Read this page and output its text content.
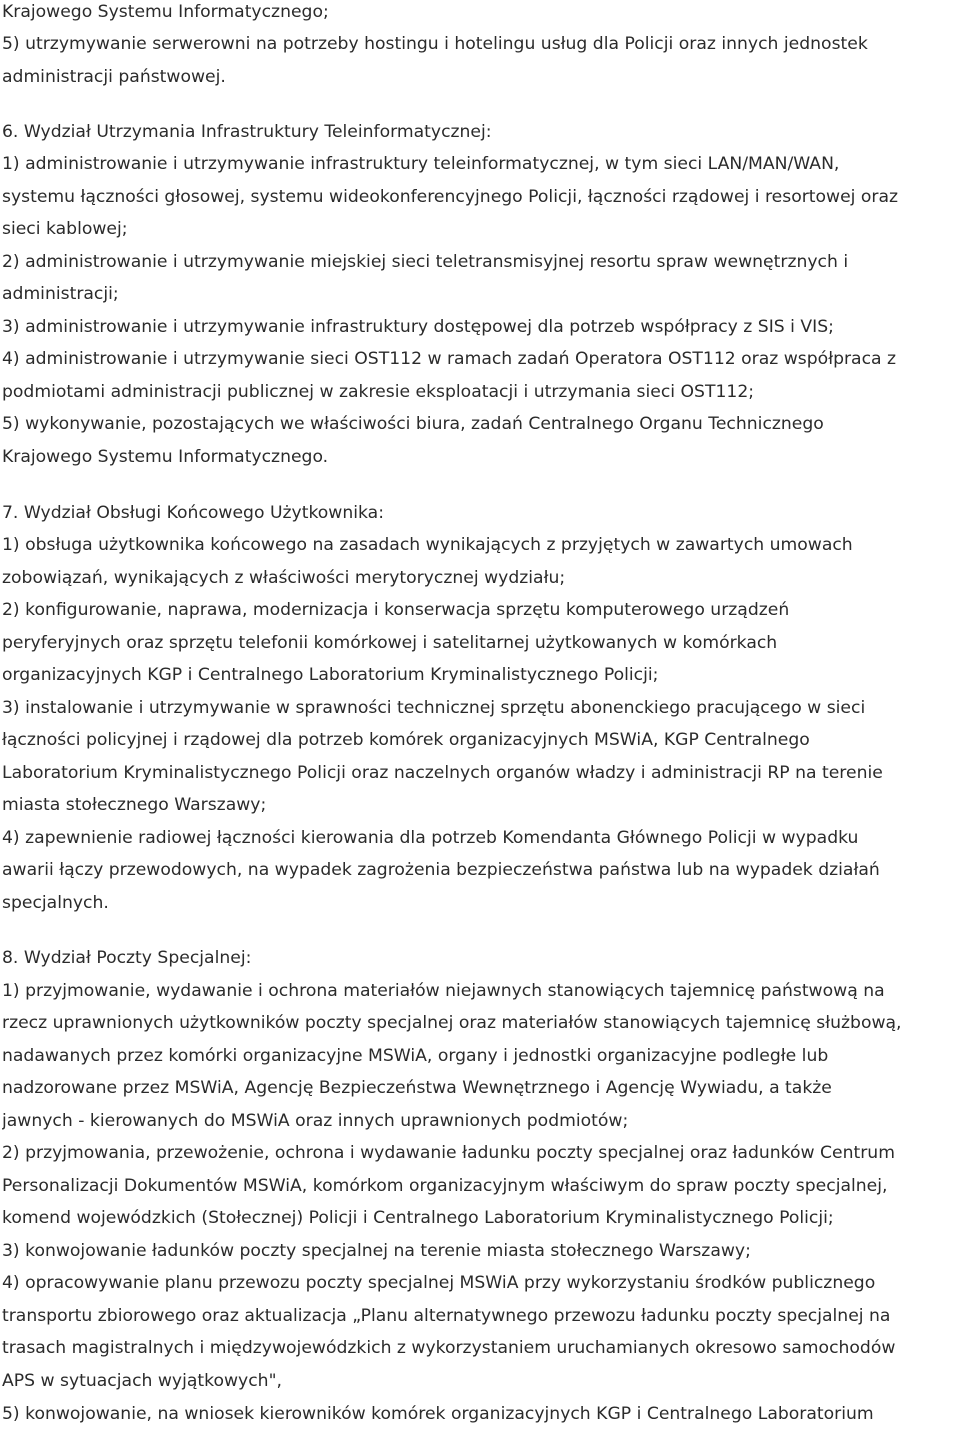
Krajowego Systemu Informatycznego;
5) utrzymywanie serwerowni na potrzeby hostingu i hotelingu usług dla Policji oraz innych jednostek
administracji państwowej.
6. Wydział Utrzymania Infrastruktury Teleinformatycznej:
1) administrowanie i utrzymywanie infrastruktury teleinformatycznej, w tym sieci LAN/MAN/WAN,
systemu łączności głosowej, systemu wideokonferencyjnego Policji, łączności rządowej i resortowej oraz
sieci kablowej;
2) administrowanie i utrzymywanie miejskiej sieci teletransmisyjnej resortu spraw wewnętrznych i
administracji;
3) administrowanie i utrzymywanie infrastruktury dostępowej dla potrzeb współpracy z SIS i VIS;
4) administrowanie i utrzymywanie sieci OST112 w ramach zadań Operatora OST112 oraz współpraca z
podmiotami administracji publicznej w zakresie eksploatacji i utrzymania sieci OST112;
5) wykonywanie, pozostających we właściwości biura, zadań Centralnego Organu Technicznego
Krajowego Systemu Informatycznego.
7. Wydział Obsługi Końcowego Użytkownika:
1) obsługa użytkownika końcowego na zasadach wynikających z przyjętych w zawartych umowach
zobowiązań, wynikających z właściwości merytorycznej wydziału;
2) konfigurowanie, naprawa, modernizacja i konserwacja sprzętu komputerowego urządzeń
peryferyjnych oraz sprzętu telefonii komórkowej i satelitarnej użytkowanych w komórkach
organizacyjnych KGP i Centralnego Laboratorium Kryminalistycznego Policji;
3) instalowanie i utrzymywanie w sprawności technicznej sprzętu abonenckiego pracującego w sieci
łączności policyjnej i rządowej dla potrzeb komórek organizacyjnych MSWiA, KGP Centralnego
Laboratorium Kryminalistycznego Policji oraz naczelnych organów władzy i administracji RP na terenie
miasta stołecznego Warszawy;
4) zapewnienie radiowej łączności kierowania dla potrzeb Komendanta Głównego Policji w wypadku
awarii łączy przewodowych, na wypadek zagrożenia bezpieczeństwa państwa lub na wypadek działań
specjalnych.
8. Wydział Poczty Specjalnej:
1) przyjmowanie, wydawanie i ochrona materiałów niejawnych stanowiących tajemnicę państwową na
rzecz uprawnionych użytkowników poczty specjalnej oraz materiałów stanowiących tajemnicę służbową,
nadawanych przez komórki organizacyjne MSWiA, organy i jednostki organizacyjne podległe lub
nadzorowane przez MSWiA, Agencję Bezpieczeństwa Wewnętrznego i Agencję Wywiadu, a także
jawnych - kierowanych do MSWiA oraz innych uprawnionych podmiotów;
2) przyjmowania, przewożenie, ochrona i wydawanie ładunku poczty specjalnej oraz ładunków Centrum
Personalizacji Dokumentów MSWiA, komórkom organizacyjnym właściwym do spraw poczty specjalnej,
komend wojewódzkich (Stołecznej) Policji i Centralnego Laboratorium Kryminalistycznego Policji;
3) konwojowanie ładunków poczty specjalnej na terenie miasta stołecznego Warszawy;
4) opracowywanie planu przewozu poczty specjalnej MSWiA przy wykorzystaniu środków publicznego
transportu zbiorowego oraz aktualizacja „Planu alternatywnego przewozu ładunku poczty specjalnej na
trasach magistralnych i międzywojewódzkich z wykorzystaniem uruchamianych okresowo samochodów
APS w sytuacjach wyjątkowych",
5) konwojowanie, na wniosek kierowników komórek organizacyjnych KGP i Centralnego Laboratorium
